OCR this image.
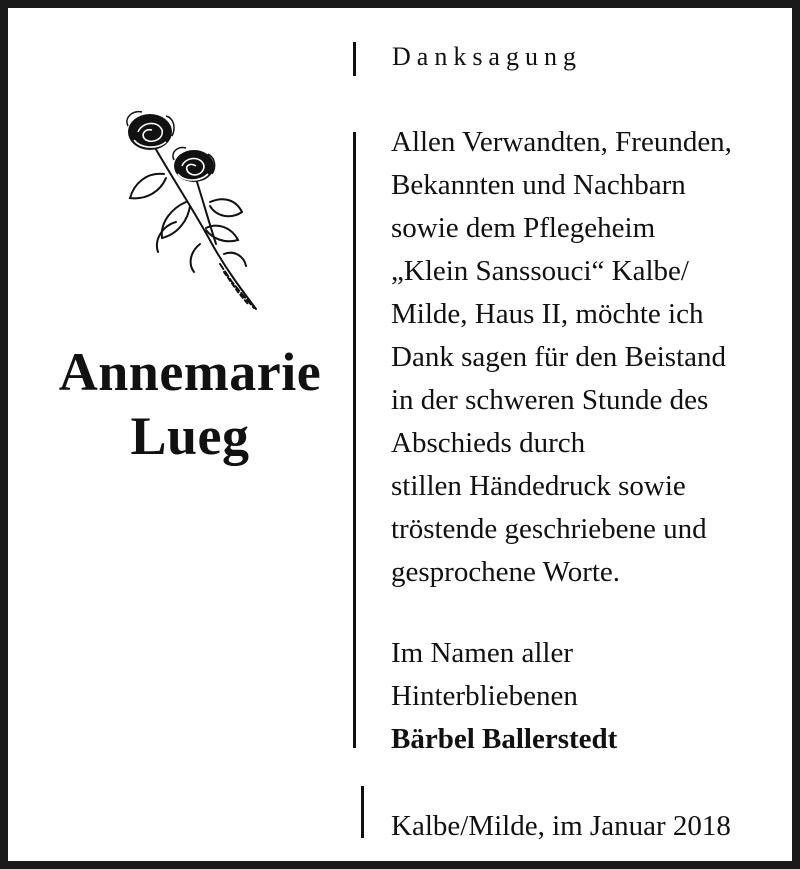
Annemarie
Lueg
Danksagung
Allen Verwandten, Freunden,
Bekannten und Nachbarn
sowie dem Pflegeheim
„Klein Sanssouci“ Kalbe/
Milde, Haus II, möchte ich
Dank sagen für den Beistand
in der schweren Stunde des
Abschieds durch
stillen Händedruck sowie
tröstende geschriebene und
gesprochene Worte.
Im Namen aller
Hinterbliebenen
Bärbel Ballerstedt
Kalbe/Milde, im Januar 2018
